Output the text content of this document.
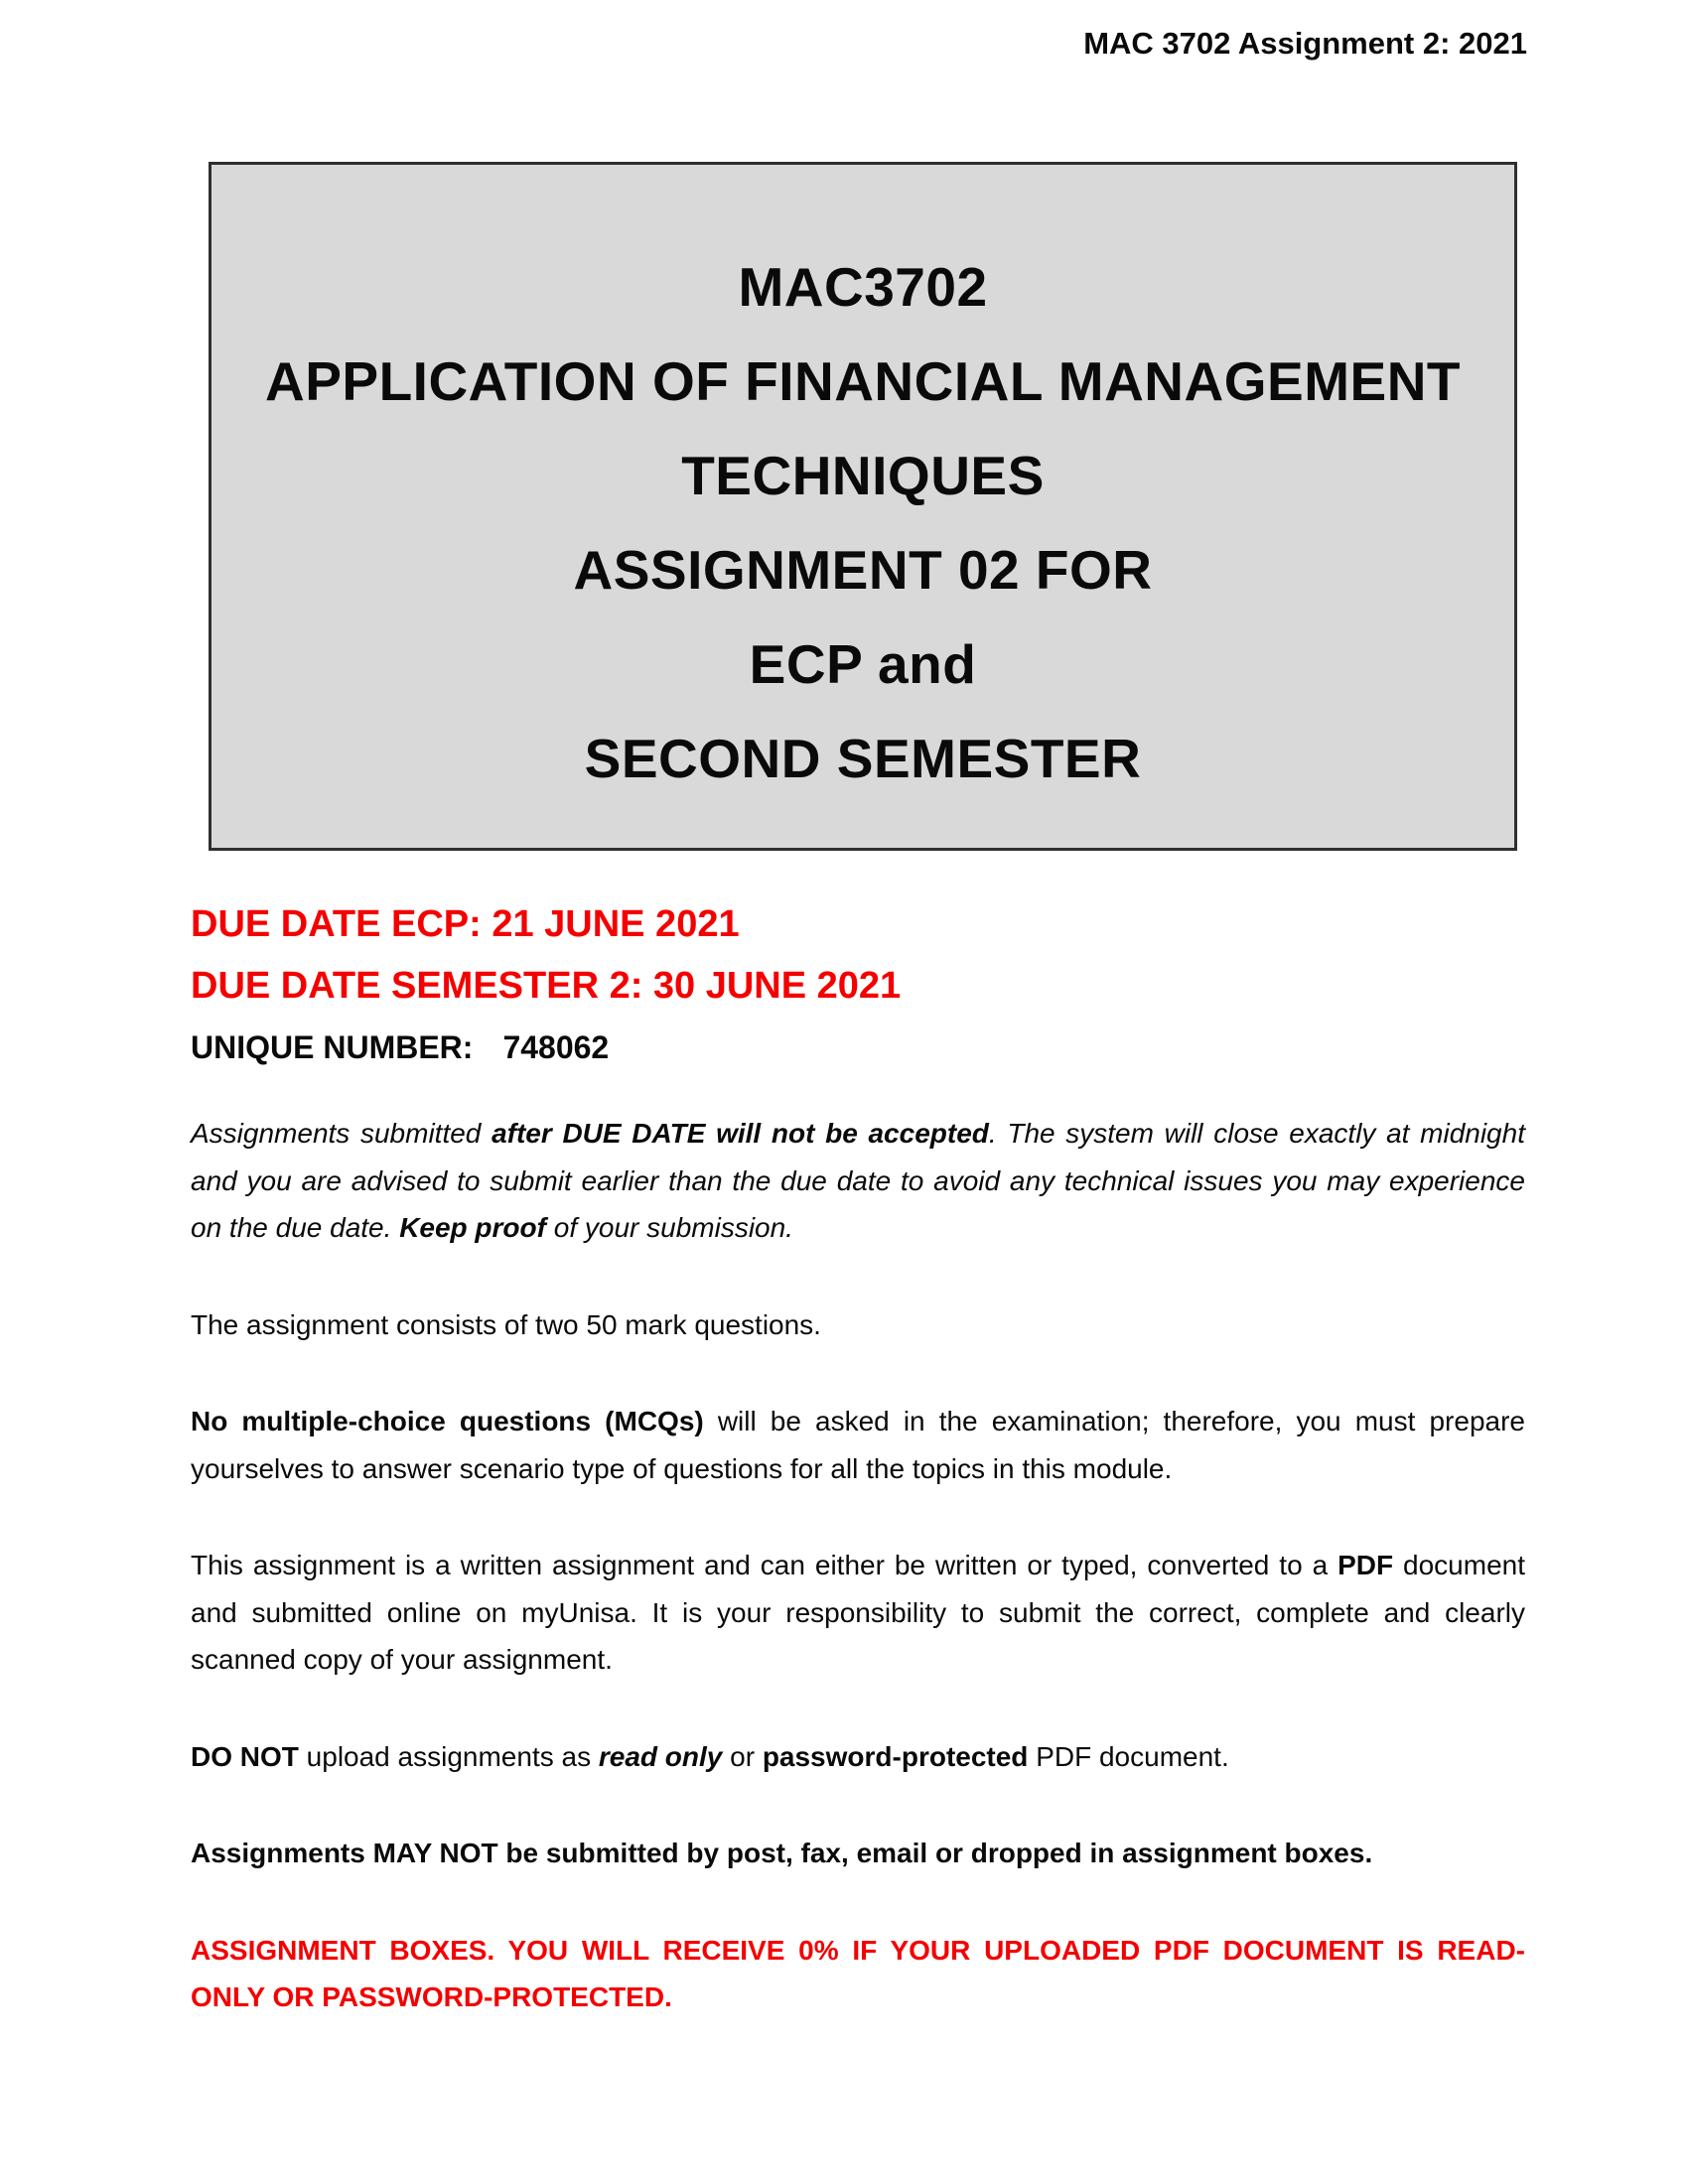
MAC 3702 Assignment 2: 2021
MAC3702
APPLICATION OF FINANCIAL MANAGEMENT
TECHNIQUES
ASSIGNMENT 02 FOR
ECP and
SECOND SEMESTER
DUE DATE ECP: 21 JUNE 2021
DUE DATE SEMESTER 2: 30 JUNE 2021
UNIQUE NUMBER: 748062

Assignments submitted after DUE DATE will not be accepted. The system will close exactly at midnight and you are advised to submit earlier than the due date to avoid any technical issues you may experience on the due date. Keep proof of your submission.

The assignment consists of two 50 mark questions.

No multiple-choice questions (MCQs) will be asked in the examination; therefore, you must prepare yourselves to answer scenario type of questions for all the topics in this module.

This assignment is a written assignment and can either be written or typed, converted to a PDF document and submitted online on myUnisa. It is your responsibility to submit the correct, complete and clearly scanned copy of your assignment.

DO NOT upload assignments as read only or password-protected PDF document.

Assignments MAY NOT be submitted by post, fax, email or dropped in assignment boxes.

ASSIGNMENT BOXES. YOU WILL RECEIVE 0% IF YOUR UPLOADED PDF DOCUMENT IS READ-ONLY OR PASSWORD-PROTECTED.
